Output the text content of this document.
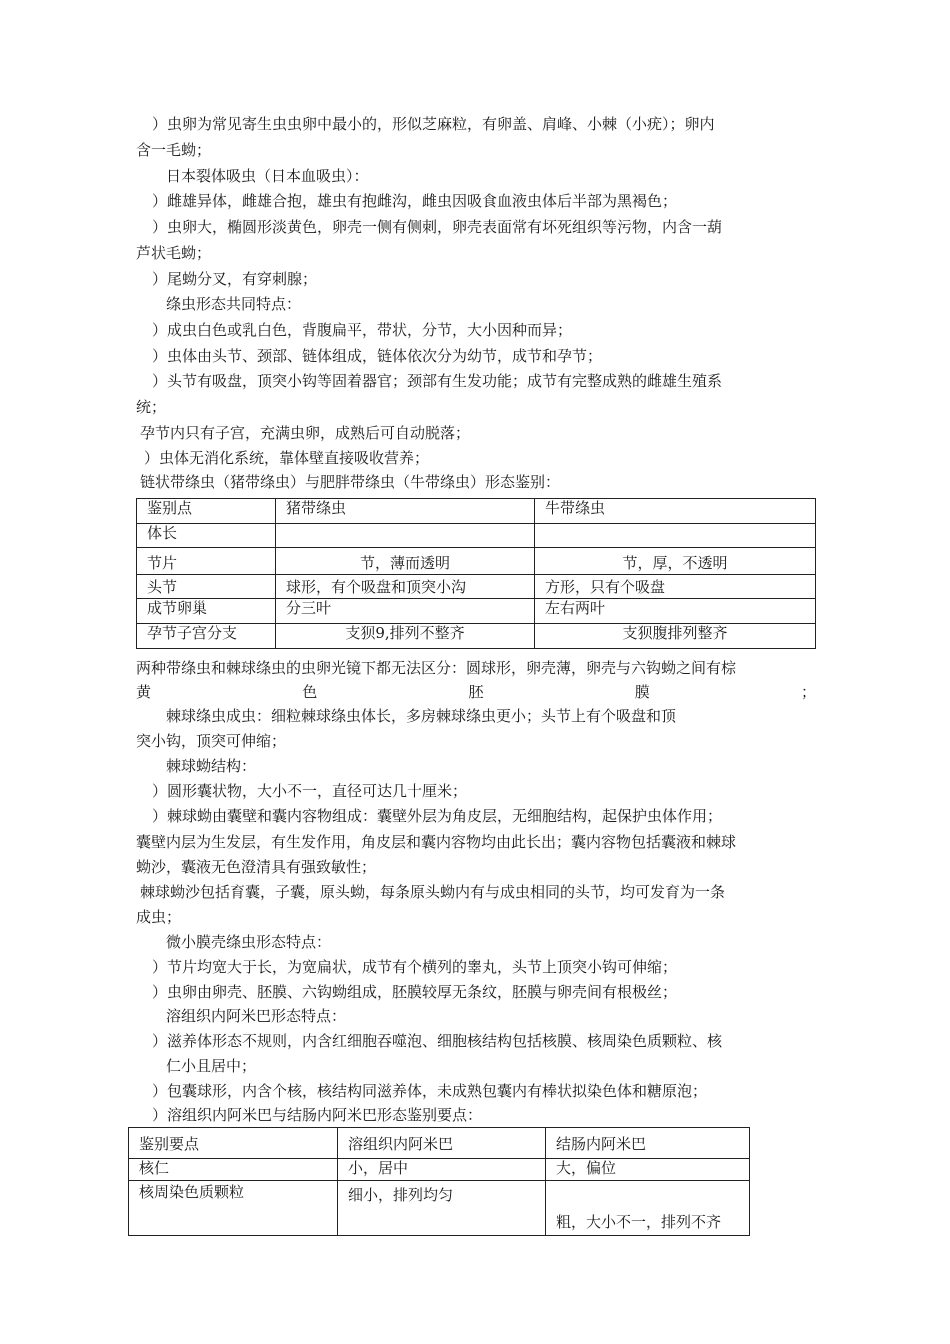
）虫卵为常见寄生虫虫卵中最小的，形似芝麻粒，有卵盖、肩峰、小棘（小疣）；卵内
含一毛蚴；
日本裂体吸虫（日本血吸虫）：
）雌雄异体，雌雄合抱，雄虫有抱雌沟，雌虫因吸食血液虫体后半部为黑褐色；
）虫卵大，椭圆形淡黄色，卵壳一侧有侧刺，卵壳表面常有坏死组织等污物，内含一葫
芦状毛蚴；
）尾蚴分叉，有穿刺腺；
绦虫形态共同特点：
）成虫白色或乳白色，背腹扁平，带状，分节，大小因种而异；
）虫体由头节、颈部、链体组成，链体依次分为幼节，成节和孕节；
）头节有吸盘，顶突小钩等固着器官；颈部有生发功能；成节有完整成熟的雌雄生殖系
统；
孕节内只有子宫，充满虫卵，成熟后可自动脱落；
）虫体无消化系统，靠体壁直接吸收营养；
链状带绦虫（猪带绦虫）与肥胖带绦虫（牛带绦虫）形态鉴别：
鉴别点	猪带绦虫	牛带绦虫
体长		
节片	节，薄而透明	节，厚，不透明
头节	球形，有个吸盘和顶突小沟	方形，只有个吸盘
成节卵巢	分三叶	左右两叶
孕节子宫分支	支狈9,排列不整齐	支狈腹排列整齐
两种带绦虫和棘球绦虫的虫卵光镜下都无法区分：圆球形，卵壳薄，卵壳与六钩蚴之间有棕
黄	色	胚	膜	；
棘球绦虫成虫：细粒棘球绦虫体长，多房棘球绦虫更小；头节上有个吸盘和顶
突小钩，顶突可伸缩；
棘球蚴结构：
）圆形囊状物，大小不一，直径可达几十厘米；
）棘球蚴由囊壁和囊内容物组成：囊壁外层为角皮层，无细胞结构，起保护虫体作用；
囊壁内层为生发层，有生发作用，角皮层和囊内容物均由此长出；囊内容物包括囊液和棘球
蚴沙，囊液无色澄清具有强致敏性；
棘球蚴沙包括育囊，子囊，原头蚴，每条原头蚴内有与成虫相同的头节，均可发育为一条
成虫；
微小膜壳绦虫形态特点：
）节片均宽大于长，为宽扁状，成节有个横列的睾丸，头节上顶突小钩可伸缩；
）虫卵由卵壳、胚膜、六钩蚴组成，胚膜较厚无条纹，胚膜与卵壳间有根极丝；
溶组织内阿米巴形态特点：
）滋养体形态不规则，内含红细胞吞噬泡、细胞核结构包括核膜、核周染色质颗粒、核
仁小且居中；
）包囊球形，内含个核，核结构同滋养体，未成熟包囊内有棒状拟染色体和糖原泡；
）溶组织内阿米巴与结肠内阿米巴形态鉴别要点：
鉴别要点	溶组织内阿米巴	结肠内阿米巴
核仁	小，居中	大，偏位
核周染色质颗粒	细小，排列均匀	粗，大小不一，排列不齐
